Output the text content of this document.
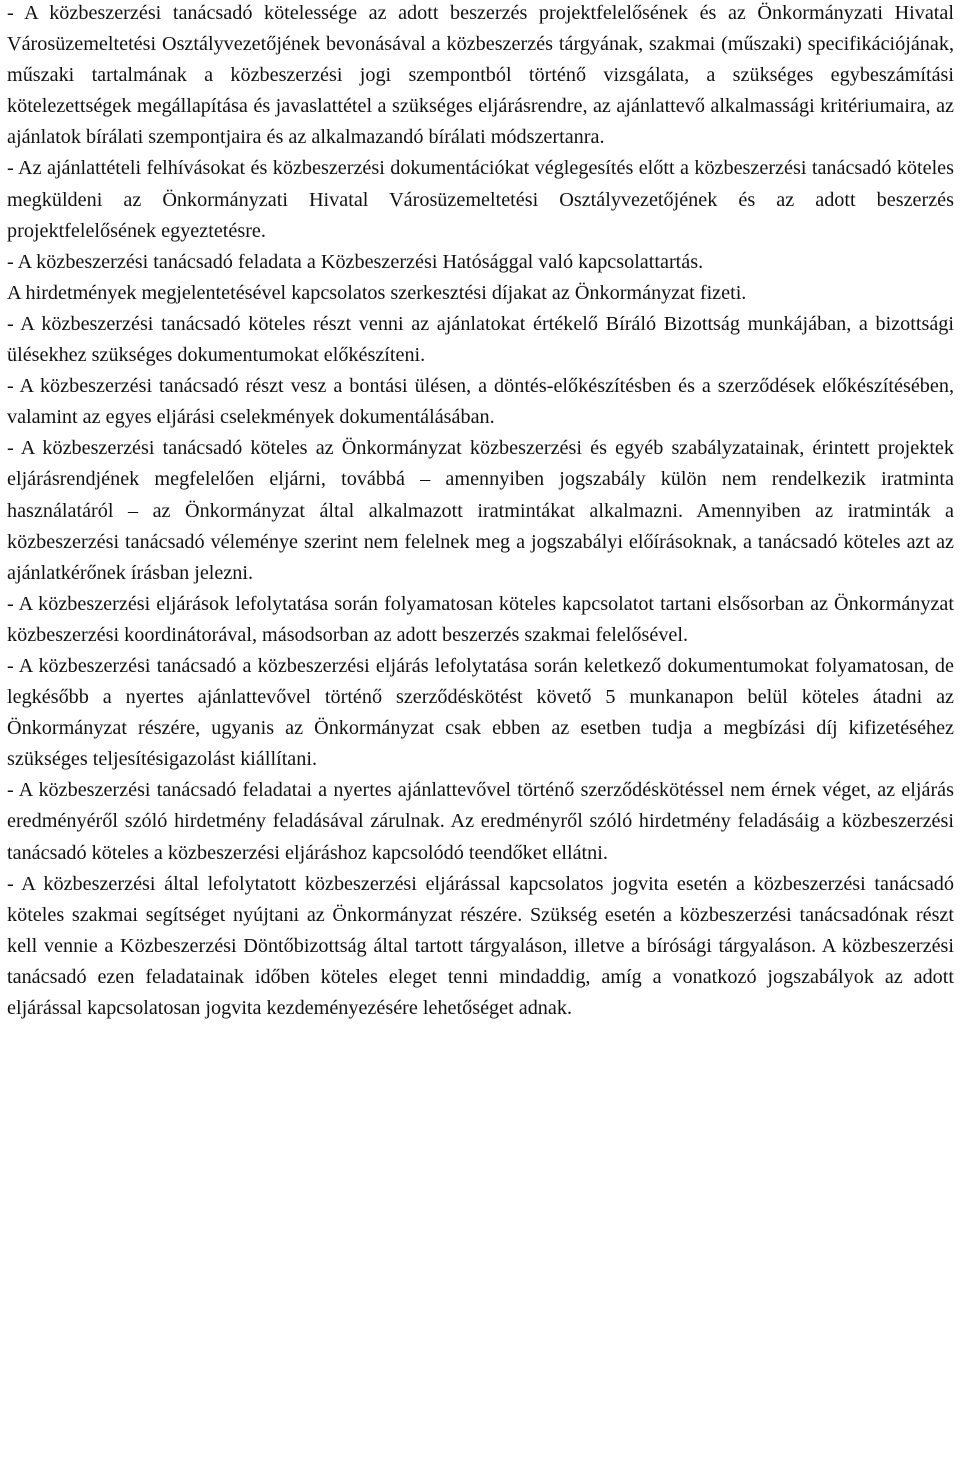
- A közbeszerzési tanácsadó kötelessége az adott beszerzés projektfelelősének és az Önkormányzati Hivatal Városüzemeltetési Osztályvezetőjének bevonásával a közbeszerzés tárgyának, szakmai (műszaki) specifikációjának, műszaki tartalmának a közbeszerzési jogi szempontból történő vizsgálata, a szükséges egybeszámítási kötelezettségek megállapítása és javaslattétel a szükséges eljárásrendre, az ajánlattevő alkalmassági kritériumaira, az ajánlatok bírálati szempontjaira és az alkalmazandó bírálati módszertanra.

- Az ajánlattételi felhívásokat és közbeszerzési dokumentációkat véglegesítés előtt a közbeszerzési tanácsadó köteles megküldeni az Önkormányzati Hivatal Városüzemeltetési Osztályvezetőjének és az adott beszerzés projektfelelősének egyeztetésre.

- A közbeszerzési tanácsadó feladata a Közbeszerzési Hatósággal való kapcsolattartás.

A hirdetmények megjelentetésével kapcsolatos szerkesztési díjakat az Önkormányzat fizeti.

- A közbeszerzési tanácsadó köteles részt venni az ajánlatokat értékelő Bíráló Bizottság munkájában, a bizottsági ülésekhez szükséges dokumentumokat előkészíteni.

- A közbeszerzési tanácsadó részt vesz a bontási ülésen, a döntés-előkészítésben és a szerződések előkészítésében, valamint az egyes eljárási cselekmények dokumentálásában.

- A közbeszerzési tanácsadó köteles az Önkormányzat közbeszerzési és egyéb szabályzatainak, érintett projektek eljárásrendjének megfelelően eljárni, továbbá – amennyiben jogszabály külön nem rendelkezik iratminta használatáról – az Önkormányzat által alkalmazott iratmintákat alkalmazni. Amennyiben az iratminták a közbeszerzési tanácsadó véleménye szerint nem felelnek meg a jogszabályi előírásoknak, a tanácsadó köteles azt az ajánlatkérőnek írásban jelezni.

- A közbeszerzési eljárások lefolytatása során folyamatosan köteles kapcsolatot tartani elsősorban az Önkormányzat közbeszerzési koordinátorával, másodsorban az adott beszerzés szakmai felelősével.

- A közbeszerzési tanácsadó a közbeszerzési eljárás lefolytatása során keletkező dokumentumokat folyamatosan, de legkésőbb a nyertes ajánlattevővel történő szerződéskötést követő 5 munkanapon belül köteles átadni az Önkormányzat részére, ugyanis az Önkormányzat csak ebben az esetben tudja a megbízási díj kifizetéséhez szükséges teljesítésigazolást kiállítani.

- A közbeszerzési tanácsadó feladatai a nyertes ajánlattevővel történő szerződéskötéssel nem érnek véget, az eljárás eredményéről szóló hirdetmény feladásával zárulnak. Az eredményről szóló hirdetmény feladásáig a közbeszerzési tanácsadó köteles a közbeszerzési eljáráshoz kapcsolódó teendőket ellátni.

- A közbeszerzési által lefolytatott közbeszerzési eljárással kapcsolatos jogvita esetén a közbeszerzési tanácsadó köteles szakmai segítséget nyújtani az Önkormányzat részére. Szükség esetén a közbeszerzési tanácsadónak részt kell vennie a Közbeszerzési Döntőbizottság által tartott tárgyaláson, illetve a bírósági tárgyaláson. A közbeszerzési tanácsadó ezen feladatainak időben köteles eleget tenni mindaddig, amíg a vonatkozó jogszabályok az adott eljárással kapcsolatosan jogvita kezdeményezésére lehetőséget adnak.
